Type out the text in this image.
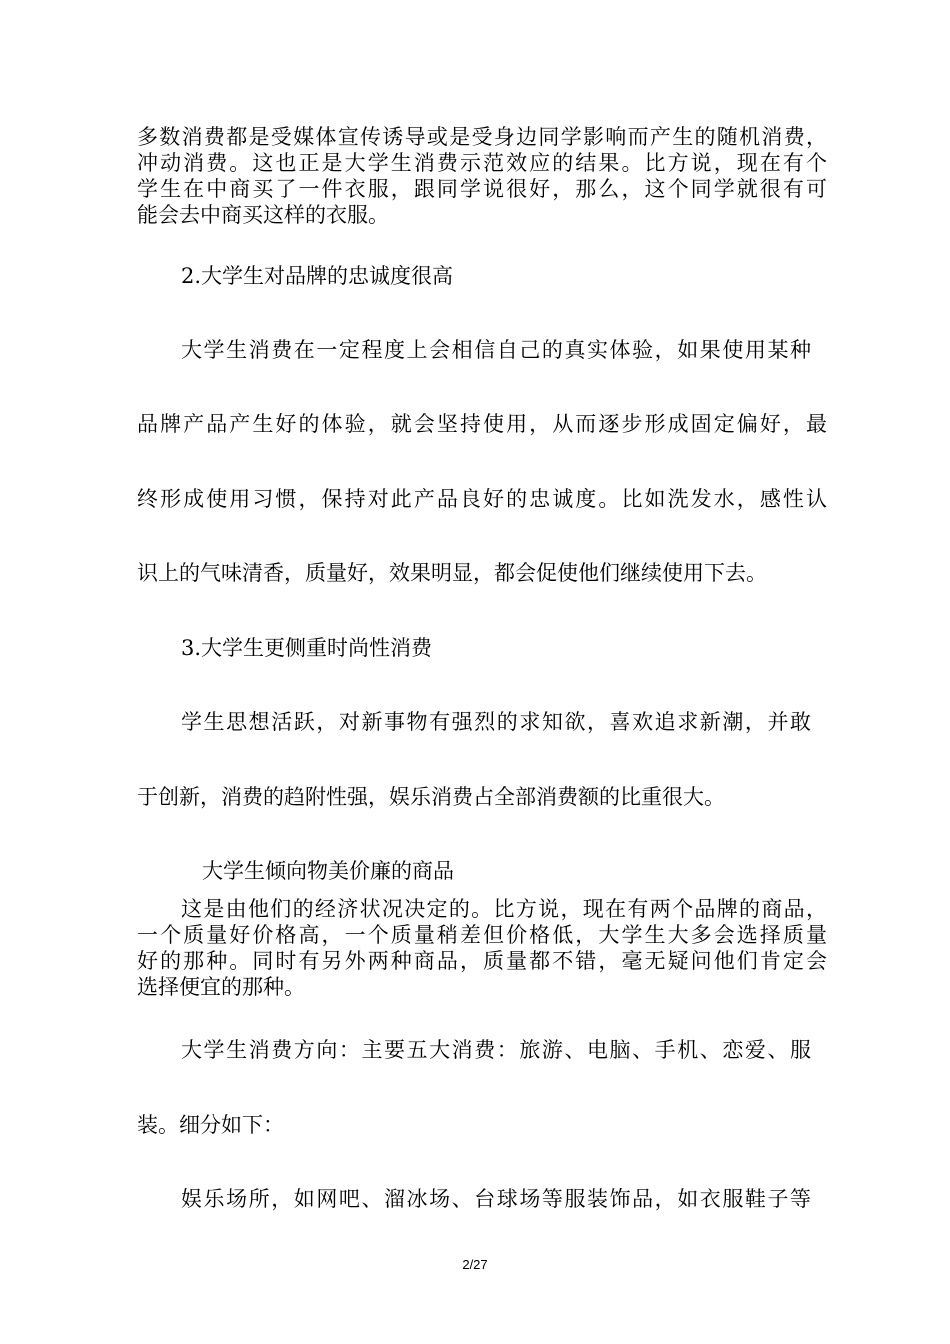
多数消费都是受媒体宣传诱导或是受身边同学影响而产生的随机消费，

冲动消费。这也正是大学生消费示范效应的结果。比方说，现在有个

学生在中商买了一件衣服，跟同学说很好，那么，这个同学就很有可

能会去中商买这样的衣服。

2.大学生对品牌的忠诚度很高

大学生消费在一定程度上会相信自己的真实体验，如果使用某种

品牌产品产生好的体验，就会坚持使用，从而逐步形成固定偏好，最

终形成使用习惯，保持对此产品良好的忠诚度。比如洗发水，感性认

识上的气味清香，质量好，效果明显，都会促使他们继续使用下去。

3.大学生更侧重时尚性消费

学生思想活跃，对新事物有强烈的求知欲，喜欢追求新潮，并敢

于创新，消费的趋附性强，娱乐消费占全部消费额的比重很大。

大学生倾向物美价廉的商品

这是由他们的经济状况决定的。比方说，现在有两个品牌的商品，

一个质量好价格高，一个质量稍差但价格低，大学生大多会选择质量

好的那种。同时有另外两种商品，质量都不错，毫无疑问他们肯定会

选择便宜的那种。

大学生消费方向：主要五大消费：旅游、电脑、手机、恋爱、服

装。细分如下：

娱乐场所，如网吧、溜冰场、台球场等服装饰品，如衣服鞋子等

2/27
